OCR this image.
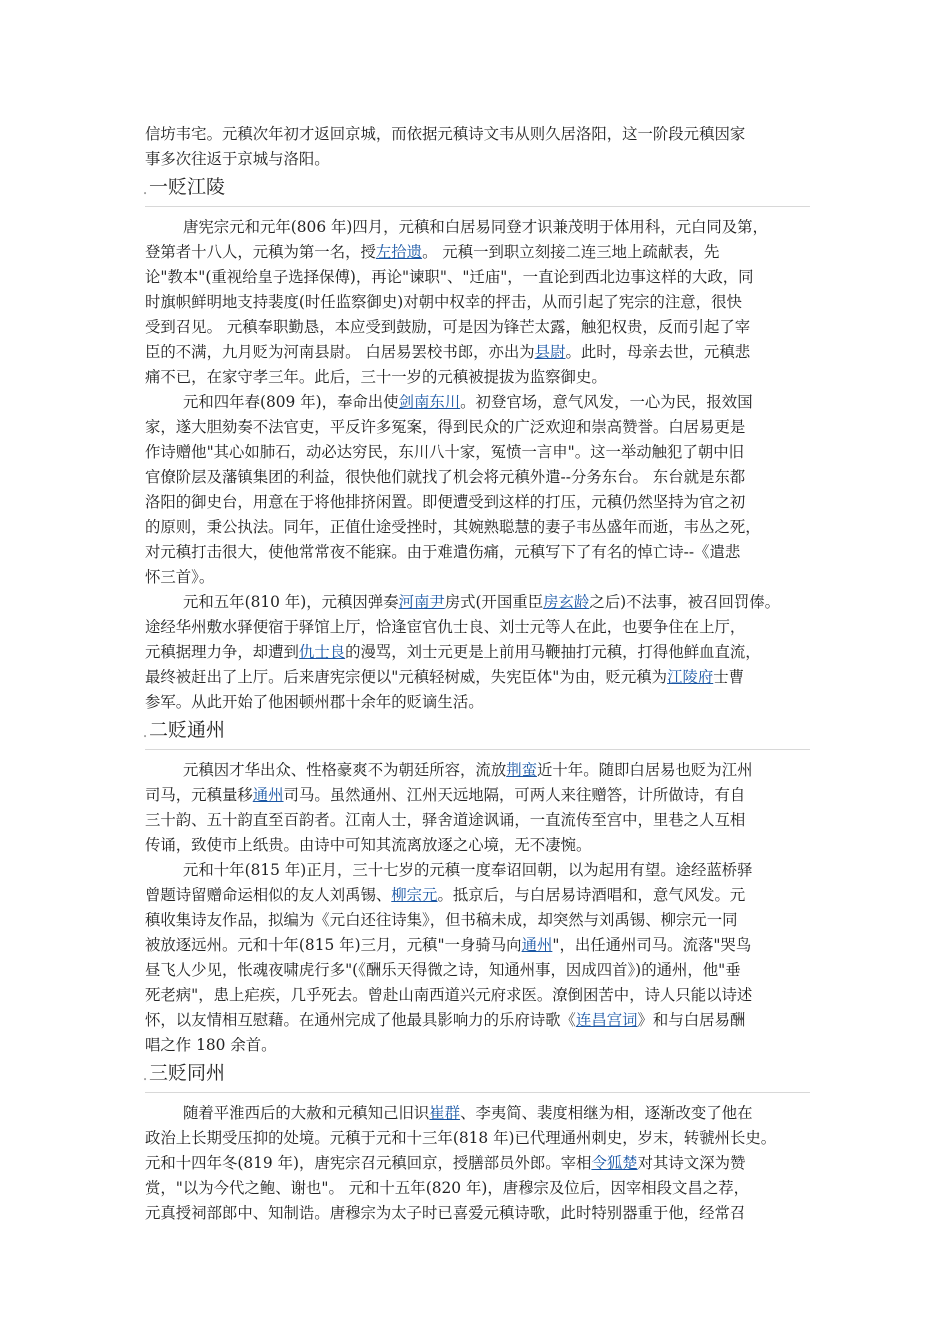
信坊韦宅。元稹次年初才返回京城，而依据元稹诗文韦从则久居洛阳，这一阶段元稹因家

事多次往返于京城与洛阳。

• 一贬江陵

唐宪宗元和元年(806 年)四月，元稹和白居易同登才识兼茂明于体用科，元白同及第，

登第者十八人，元稹为第一名，授左拾遗。 元稹一到职立刻接二连三地上疏献表，先

论"教本"(重视给皇子选择保傅)，再论"谏职"、"迁庙"，一直论到西北边事这样的大政，同

时旗帜鲜明地支持裴度(时任监察御史)对朝中权幸的抨击，从而引起了宪宗的注意，很快

受到召见。 元稹奉职勤恳，本应受到鼓励，可是因为锋芒太露，触犯权贵，反而引起了宰

臣的不满，九月贬为河南县尉。 白居易罢校书郎，亦出为县尉。此时，母亲去世，元稹悲

痛不已，在家守孝三年。此后，三十一岁的元稹被提拔为监察御史。

元和四年春(809 年)，奉命出使剑南东川。初登官场，意气风发，一心为民，报效国

家，遂大胆劾奏不法官吏，平反许多冤案，得到民众的广泛欢迎和崇高赞誉。白居易更是

作诗赠他"其心如肺石，动必达穷民，东川八十家，冤愤一言申"。这一举动触犯了朝中旧

官僚阶层及藩镇集团的利益，很快他们就找了机会将元稹外遣--分务东台。 东台就是东都

洛阳的御史台，用意在于将他排挤闲置。即便遭受到这样的打压，元稹仍然坚持为官之初

的原则，秉公执法。同年，正值仕途受挫时，其婉熟聪慧的妻子韦丛盛年而逝，韦丛之死，

对元稹打击很大，使他常常夜不能寐。由于难遣伤痛，元稹写下了有名的悼亡诗--《遣悲

怀三首》。

元和五年(810 年)，元稹因弹奏河南尹房式(开国重臣房玄龄之后)不法事，被召回罚俸。

途经华州敷水驿便宿于驿馆上厅，恰逢宦官仇士良、刘士元等人在此，也要争住在上厅，

元稹据理力争，却遭到仇士良的漫骂，刘士元更是上前用马鞭抽打元稹，打得他鲜血直流，

最终被赶出了上厅。后来唐宪宗便以"元稹轻树威，失宪臣体"为由，贬元稹为江陵府士曹

参军。从此开始了他困顿州郡十余年的贬谪生活。

• 二贬通州

元稹因才华出众、性格豪爽不为朝廷所容，流放荆蛮近十年。随即白居易也贬为江州

司马，元稹量移通州司马。虽然通州、江州天远地隔，可两人来往赠答，计所做诗，有自

三十韵、五十韵直至百韵者。江南人士，驿舍道途讽诵，一直流传至宫中，里巷之人互相

传诵，致使市上纸贵。由诗中可知其流离放逐之心境，无不凄惋。

元和十年(815 年)正月，三十七岁的元稹一度奉诏回朝，以为起用有望。途经蓝桥驿

曾题诗留赠命运相似的友人刘禹锡、柳宗元。抵京后，与白居易诗酒唱和，意气风发。元

稹收集诗友作品，拟编为《元白还往诗集》，但书稿未成，却突然与刘禹锡、柳宗元一同

被放逐远州。元和十年(815 年)三月，元稹"一身骑马向通州"，出任通州司马。流落"哭鸟

昼飞人少见，怅魂夜啸虎行多"(《酬乐天得微之诗，知通州事，因成四首》)的通州，他"垂

死老病"，患上疟疾，几乎死去。曾赴山南西道兴元府求医。潦倒困苦中，诗人只能以诗述

怀，以友情相互慰藉。在通州完成了他最具影响力的乐府诗歌《连昌宫词》和与白居易酬

唱之作 180 余首。

• 三贬同州

随着平淮西后的大赦和元稹知己旧识崔群、李夷简、裴度相继为相，逐渐改变了他在

政治上长期受压抑的处境。元稹于元和十三年(818 年)已代理通州刺史，岁末，转虢州长史。

元和十四年冬(819 年)，唐宪宗召元稹回京，授膳部员外郎。宰相令狐楚对其诗文深为赞

赏，"以为今代之鲍、谢也"。 元和十五年(820 年)，唐穆宗及位后，因宰相段文昌之荐，

元真授祠部郎中、知制诰。唐穆宗为太子时已喜爱元稹诗歌，此时特别器重于他，经常召
